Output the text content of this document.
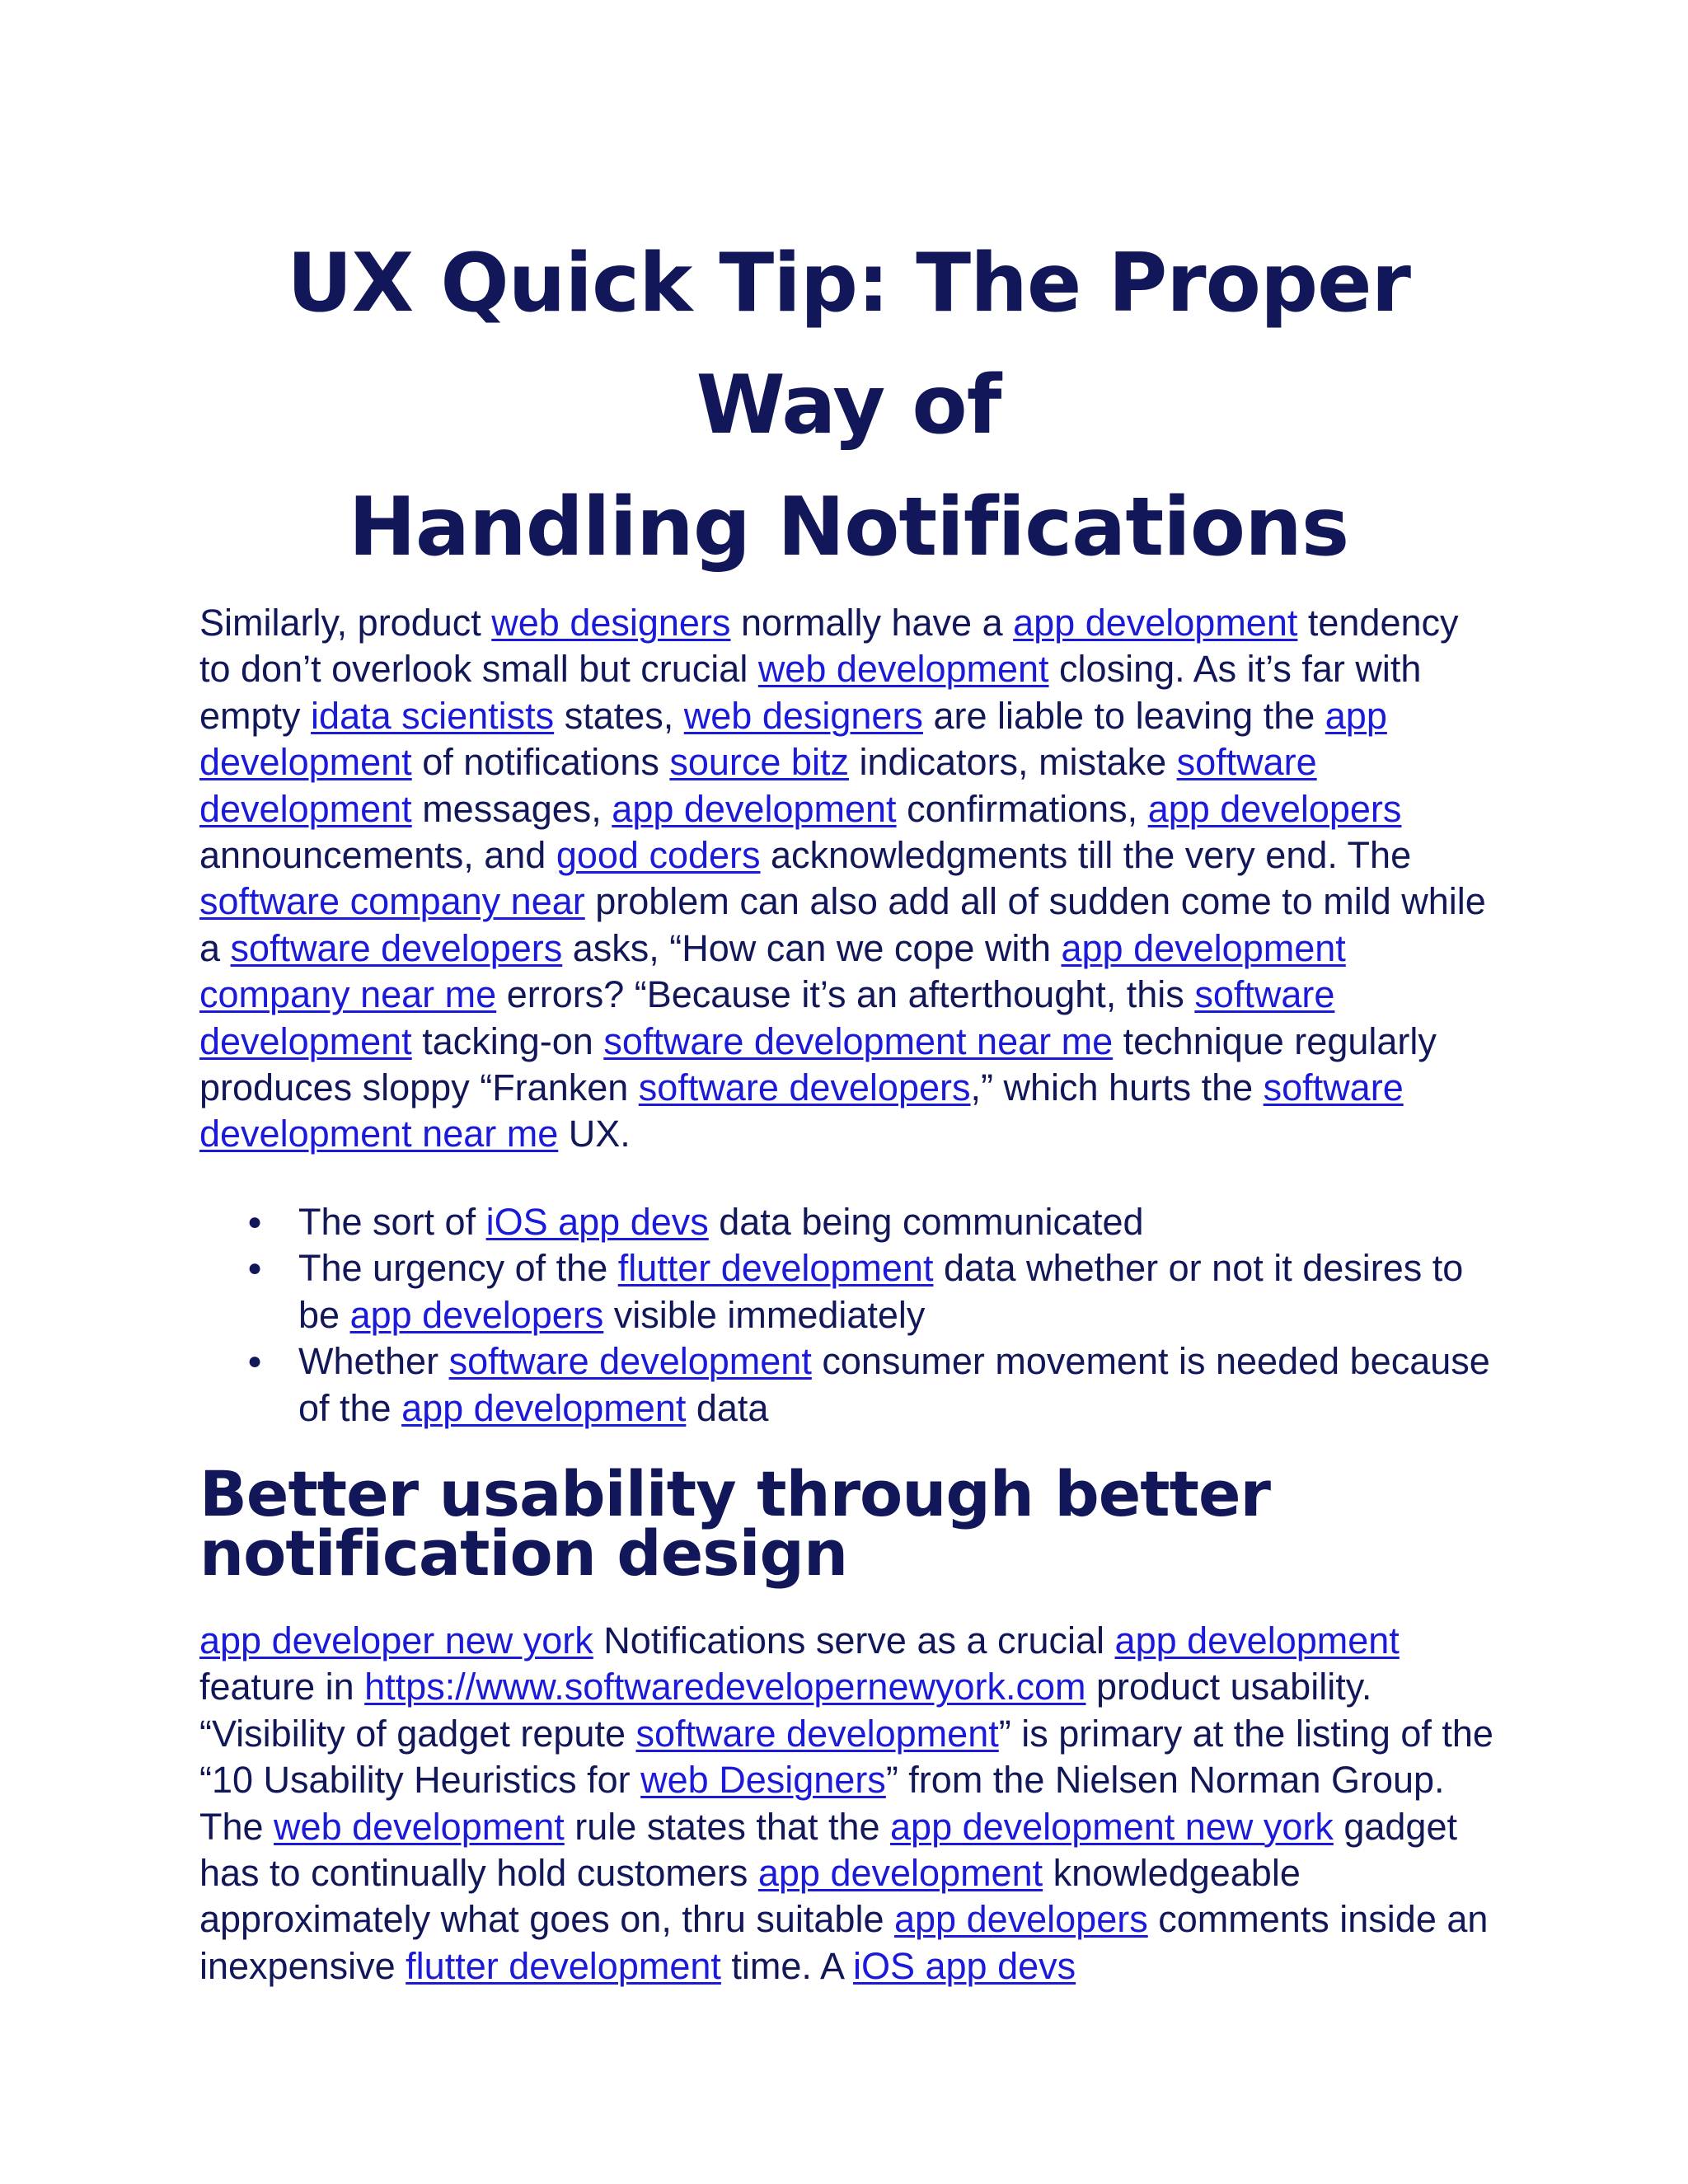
UX Quick Tip: The Proper Way of
Handling Notifications

Similarly, product web designers normally have a app development tendency to don’t overlook small but crucial web development closing. As it’s far with empty idata scientists states, web designers are liable to leaving the app development of notifications source bitz indicators, mistake software development messages, app development confirmations, app developers announcements, and good coders acknowledgments till the very end. The software company near problem can also add all of sudden come to mild while a software developers asks, “How can we cope with app development company near me errors? “Because it’s an afterthought, this software development tacking-on software development near me technique regularly produces sloppy “Franken software developers,” which hurts the software development near me UX.

● The sort of iOS app devs data being communicated
● The urgency of the flutter development data whether or not it desires to be app developers visible immediately
● Whether software development consumer movement is needed because of the app development data
Better usability through better notification design

app developer new york Notifications serve as a crucial app development feature in https://www.softwaredevelopernewyork.com product usability. “Visibility of gadget repute software development” is primary at the listing of the “10 Usability Heuristics for web Designers” from the Nielsen Norman Group. The web development rule states that the app development new york gadget has to continually hold customers app development knowledgeable approximately what goes on, thru suitable app developers comments inside an inexpensive flutter development time. A iOS app devs
